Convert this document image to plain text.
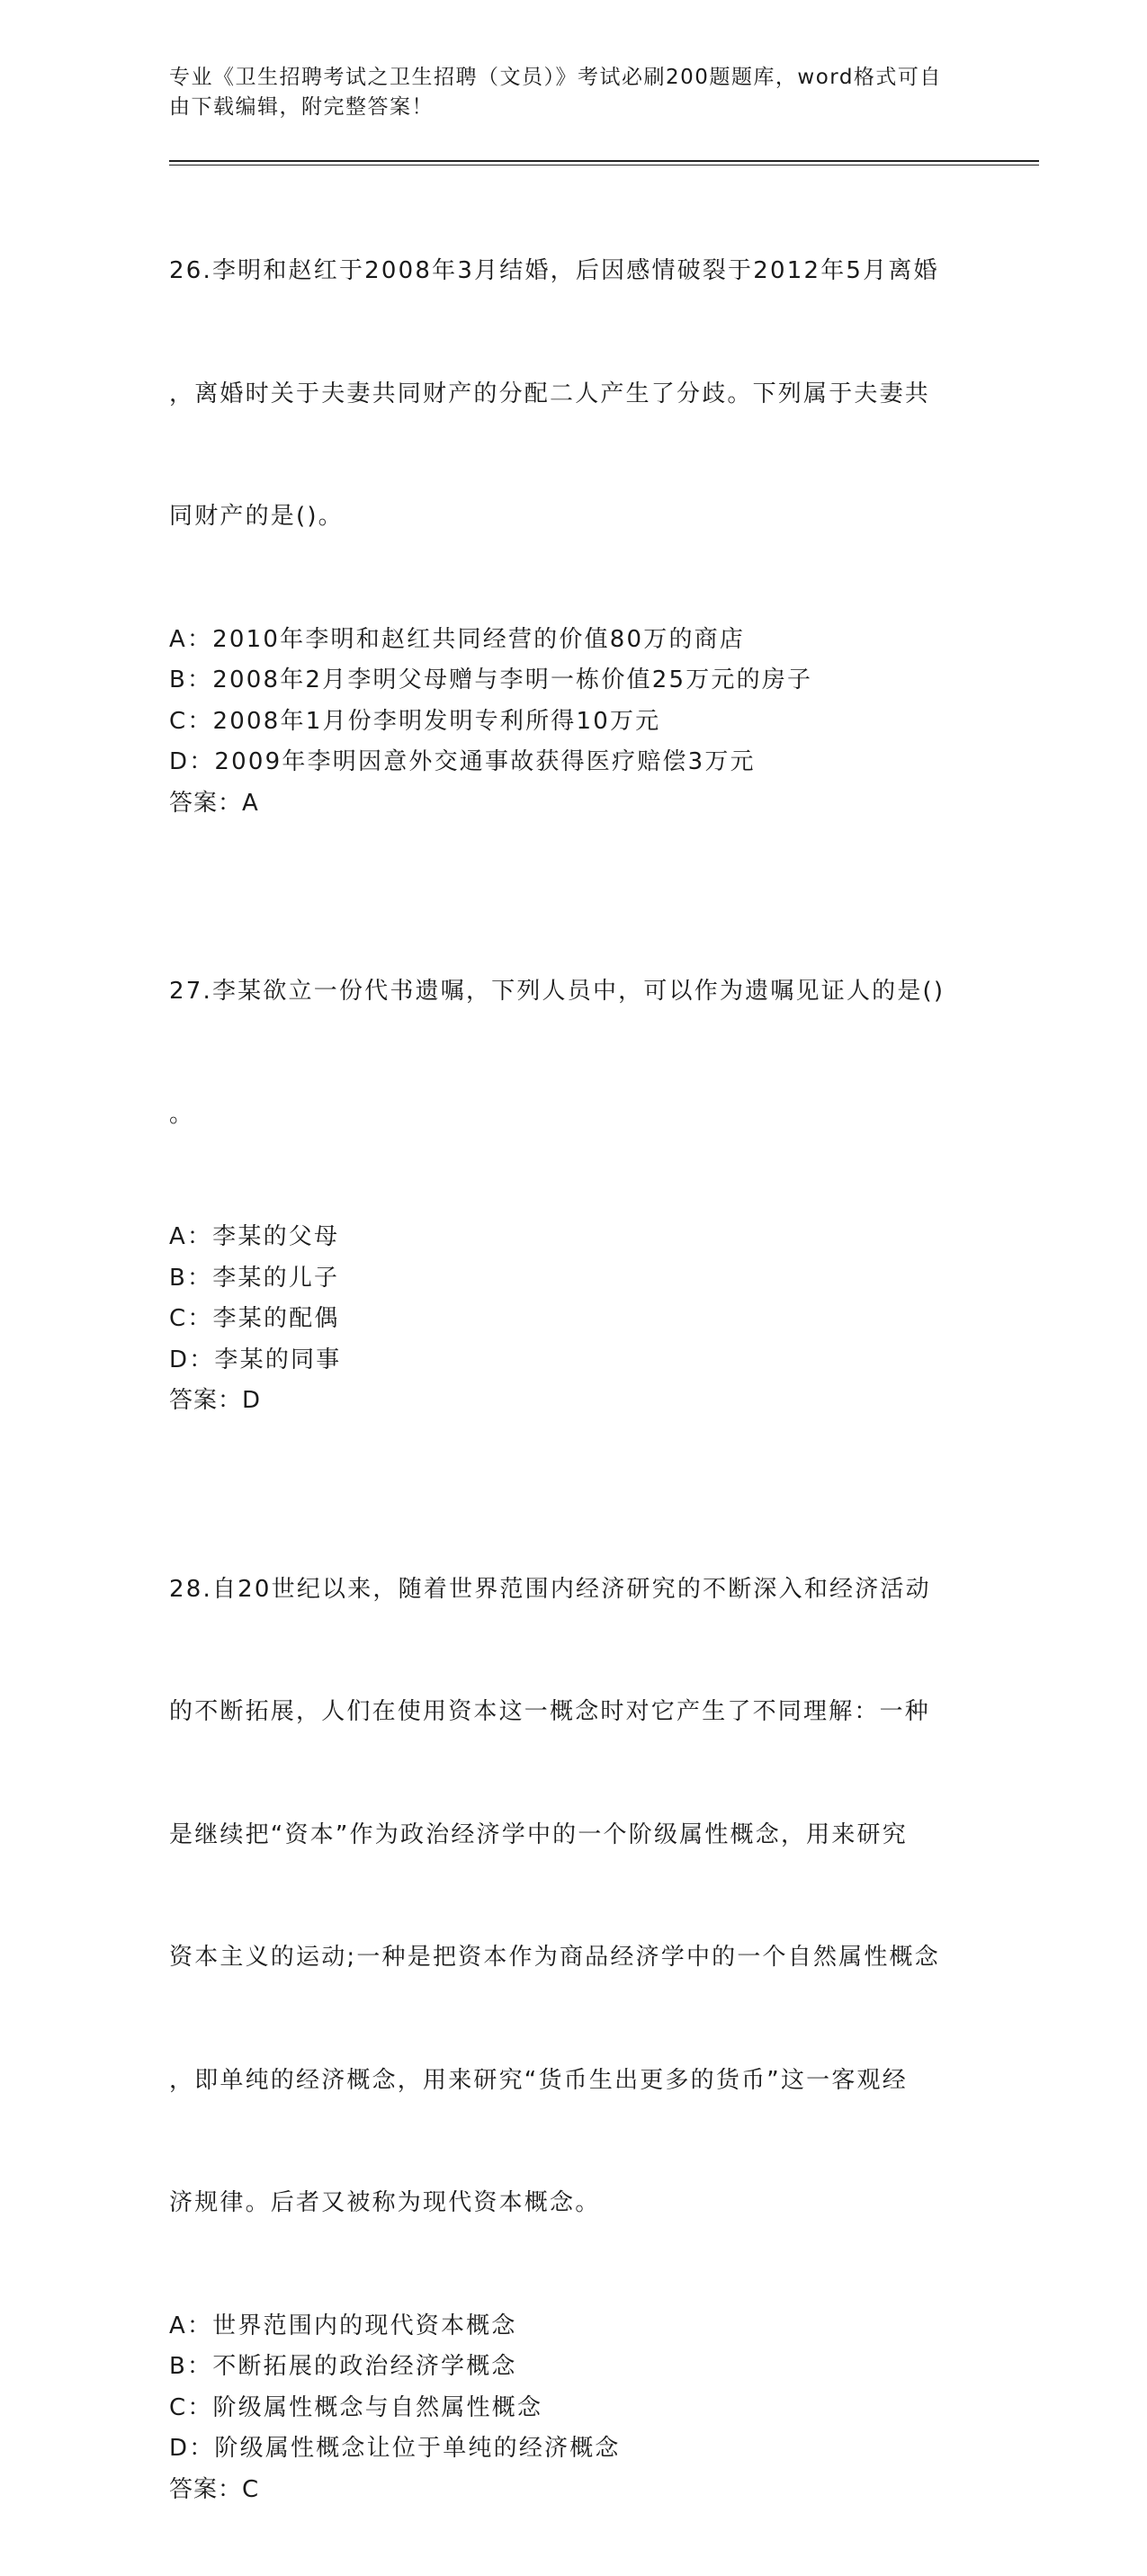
专业《卫生招聘考试之卫生招聘（文员）》考试必刷200题题库，word格式可自
由下载编辑，附完整答案！

26.李明和赵红于2008年3月结婚，后因感情破裂于2012年5月离婚

，离婚时关于夫妻共同财产的分配二人产生了分歧。下列属于夫妻共

同财产的是()。

A：2010年李明和赵红共同经营的价值80万的商店
B：2008年2月李明父母赠与李明一栋价值25万元的房子
C：2008年1月份李明发明专利所得10万元
D：2009年李明因意外交通事故获得医疗赔偿3万元
答案：A

27.李某欲立一份代书遗嘱，下列人员中，可以作为遗嘱见证人的是()

。

A：李某的父母
B：李某的儿子
C：李某的配偶
D：李某的同事
答案：D

28.自20世纪以来，随着世界范围内经济研究的不断深入和经济活动

的不断拓展，人们在使用资本这一概念时对它产生了不同理解：一种

是继续把“资本”作为政治经济学中的一个阶级属性概念，用来研究

资本主义的运动;一种是把资本作为商品经济学中的一个自然属性概念

，即单纯的经济概念，用来研究“货币生出更多的货币”这一客观经

济规律。后者又被称为现代资本概念。

A：世界范围内的现代资本概念
B：不断拓展的政治经济学概念
C：阶级属性概念与自然属性概念
D：阶级属性概念让位于单纯的经济概念
答案：C
